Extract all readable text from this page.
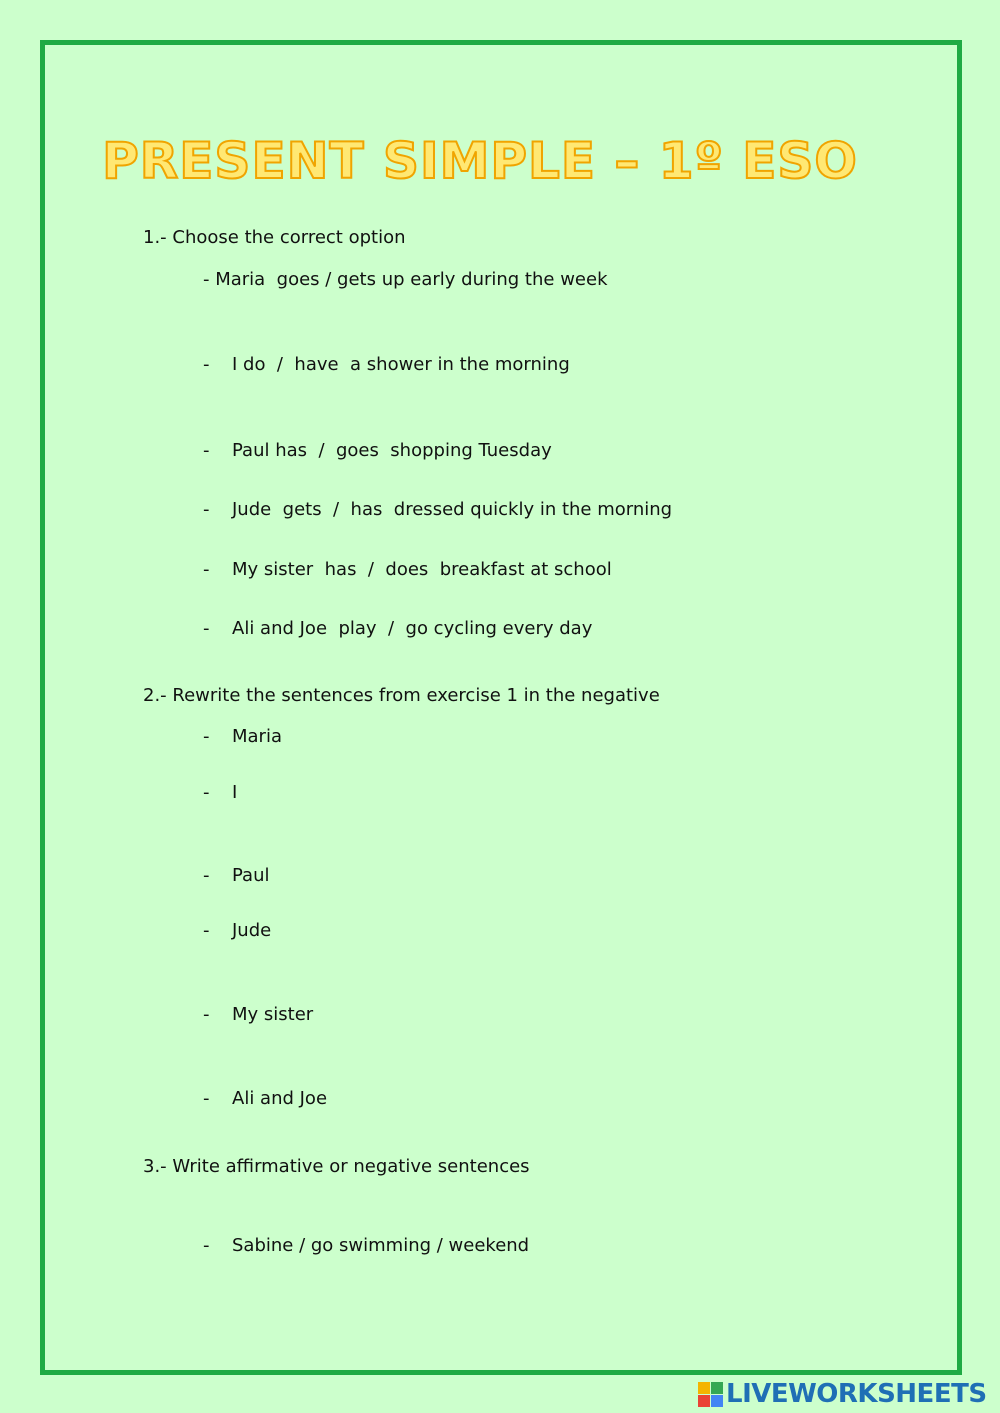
PRESENT SIMPLE – 1º ESO
1.- Choose the correct option
- Maria  goes / gets up early during the week
- I do  /  have  a shower in the morning
- Paul has  /  goes  shopping Tuesday
- Jude  gets  /  has  dressed quickly in the morning
- My sister  has  /  does  breakfast at school
- Ali and Joe  play  /  go cycling every day
2.- Rewrite the sentences from exercise 1 in the negative
- Maria
- I
- Paul
- Jude
- My sister
- Ali and Joe
3.- Write affirmative or negative sentences
- Sabine / go swimming / weekend
LIVEWORKSHEETS
